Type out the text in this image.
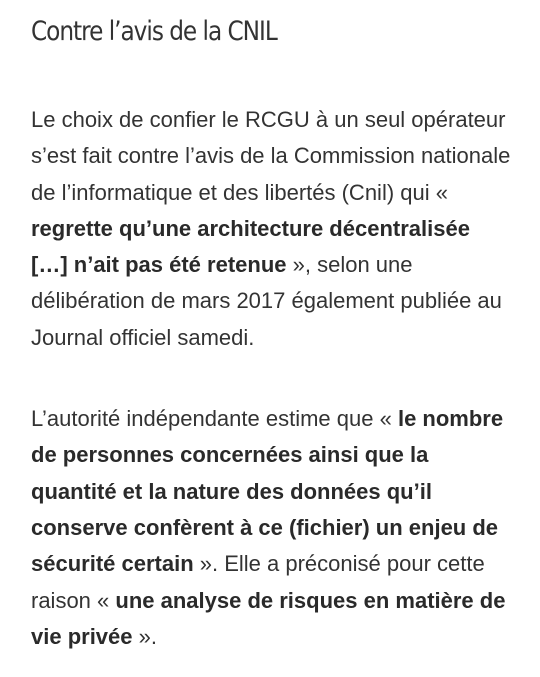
Contre l’avis de la CNIL

Le choix de confier le RCGU à un seul opérateur s’est fait contre l’avis de la Commission nationale de l’informatique et des libertés (Cnil) qui « regrette qu’une architecture décentralisée […] n’ait pas été retenue », selon une délibération de mars 2017 également publiée au Journal officiel samedi.

L’autorité indépendante estime que « le nombre de personnes concernées ainsi que la quantité et la nature des données qu’il conserve confèrent à ce (fichier) un enjeu de sécurité certain ». Elle a préconisé pour cette raison « une analyse de risques en matière de vie privée ».
